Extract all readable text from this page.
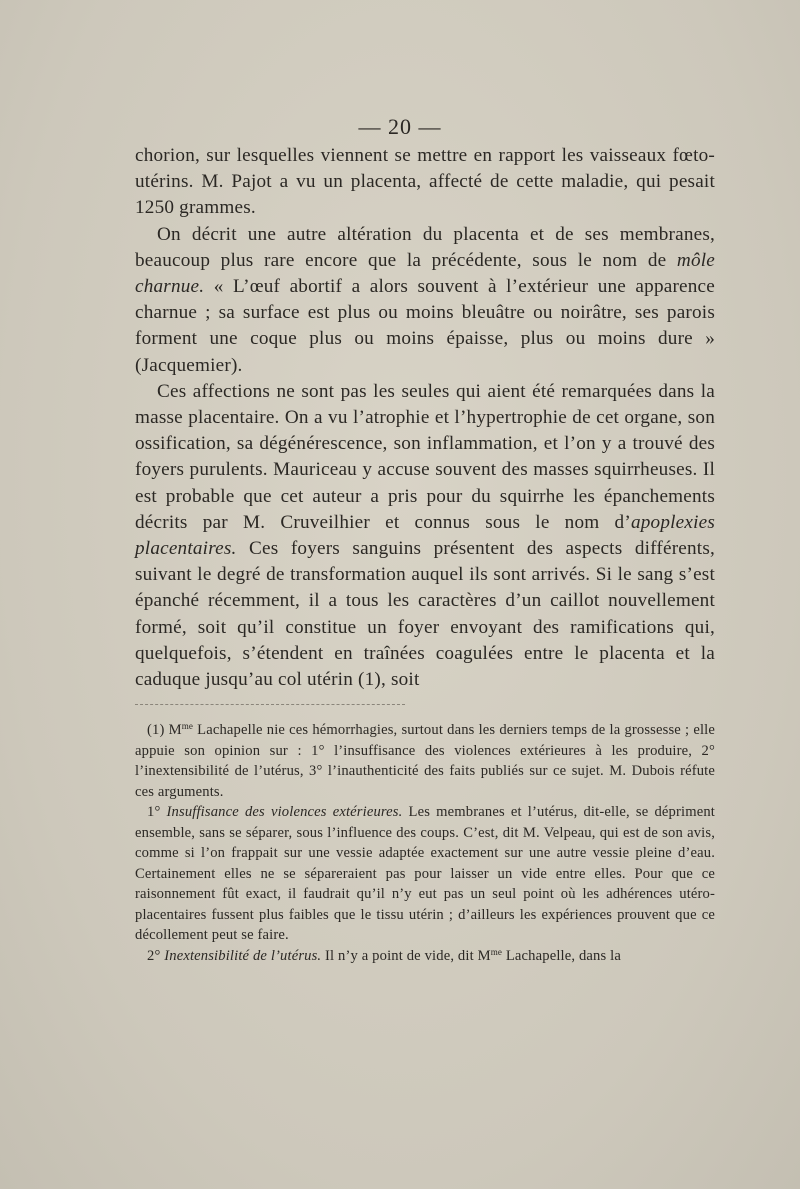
— 20 —

chorion, sur lesquelles viennent se mettre en rapport les vaisseaux fœto-utérins. M. Pajot a vu un placenta, affecté de cette maladie, qui pesait 1250 grammes.

On décrit une autre altération du placenta et de ses membranes, beaucoup plus rare encore que la précédente, sous le nom de môle charnue. « L’œuf abortif a alors souvent à l’extérieur une apparence charnue ; sa surface est plus ou moins bleuâtre ou noirâtre, ses parois forment une coque plus ou moins épaisse, plus ou moins dure » (Jacquemier).

Ces affections ne sont pas les seules qui aient été remarquées dans la masse placentaire. On a vu l’atrophie et l’hypertrophie de cet organe, son ossification, sa dégénérescence, son inflammation, et l’on y a trouvé des foyers purulents. Mauriceau y accuse souvent des masses squirrheuses. Il est probable que cet auteur a pris pour du squirrhe les épanchements décrits par M. Cruveilhier et connus sous le nom d’apoplexies placentaires. Ces foyers sanguins présentent des aspects différents, suivant le degré de transformation auquel ils sont arrivés. Si le sang s’est épanché récemment, il a tous les caractères d’un caillot nouvellement formé, soit qu’il constitue un foyer envoyant des ramifications qui, quelquefois, s’étendent en traînées coagulées entre le placenta et la caduque jusqu’au col utérin (1), soit

(1) $M^{me}$ Lachapelle nie ces hémorrhagies, surtout dans les derniers temps de la grossesse ; elle appuie son opinion sur : 1° l’insuffisance des violences extérieures à les produire, 2° l’inextensibilité de l’utérus, 3° l’inauthenticité des faits publiés sur ce sujet. M. Dubois réfute ces arguments.

1° Insuffisance des violences extérieures. Les membranes et l’utérus, dit-elle, se dépriment ensemble, sans se séparer, sous l’influence des coups. C’est, dit M. Velpeau, qui est de son avis, comme si l’on frappait sur une vessie adaptée exactement sur une autre vessie pleine d’eau. Certainement elles ne se sépareraient pas pour laisser un vide entre elles. Pour que ce raisonnement fût exact, il faudrait qu’il n’y eut pas un seul point où les adhérences utéro-placentaires fussent plus faibles que le tissu utérin ; d’ailleurs les expériences prouvent que ce décollement peut se faire.

2° Inextensibilité de l’utérus. Il n’y a point de vide, dit $M^{me}$ Lachapelle, dans la
